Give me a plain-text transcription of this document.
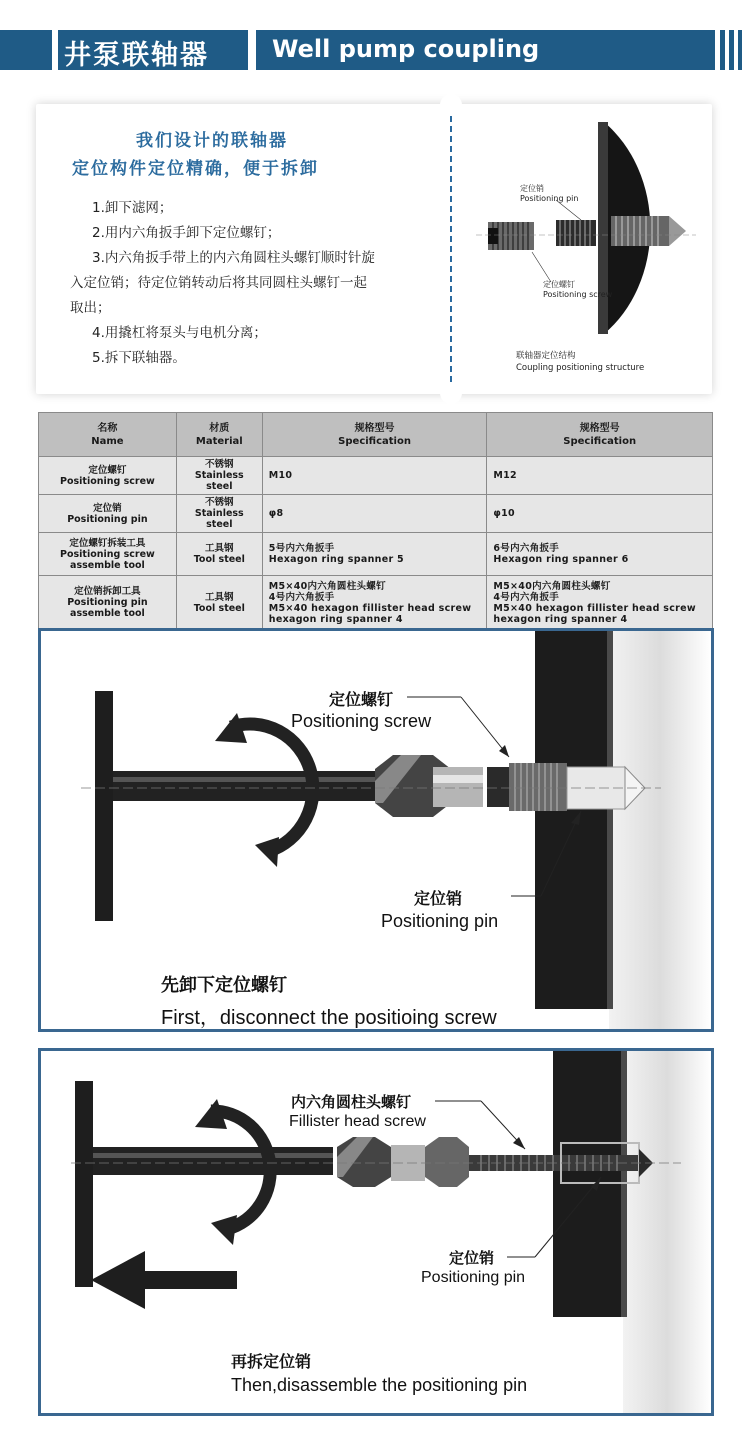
井泵联轴器	Well pump coupling
我们设计的联轴器
定位构件定位精确，便于拆卸
1.卸下滤网；
2.用内六角扳手卸下定位螺钉；
3.内六角扳手带上的内六角圆柱头螺钉顺时针旋
入定位销；待定位销转动后将其同圆柱头螺钉一起
取出；
4.用撬杠将泵头与电机分离；
5.拆下联轴器。
定位销
Positioning pin
定位螺钉
Positioning screw
联轴器定位结构
Coupling positioning structure
名称
Name	材质
Material	规格型号
Specification	规格型号
Specification

定位螺钉
Positioning screw	不锈钢
Stainless steel	M10	M12

定位销
Positioning pin	不锈钢
Stainless steel	φ8	φ10

定位螺钉拆装工具
Positioning screw assemble tool	工具钢
Tool steel	5号内六角扳手
Hexagon ring spanner 5	6号内六角扳手
Hexagon ring spanner 6

定位销拆卸工具
Positioning pin assemble tool	工具钢
Tool steel	M5×40内六角圆柱头螺钉
4号内六角扳手
M5×40 hexagon fillister head screw
hexagon ring spanner 4	M5×40内六角圆柱头螺钉
4号内六角扳手
M5×40 hexagon fillister head screw
hexagon ring spanner 4
定位螺钉
Positioning screw
定位销
Positioning pin
先卸下定位螺钉
First，disconnect the positioing screw
内六角圆柱头螺钉
Fillister head screw
定位销
Positioning pin
再拆定位销
Then,disassemble the positioning pin
